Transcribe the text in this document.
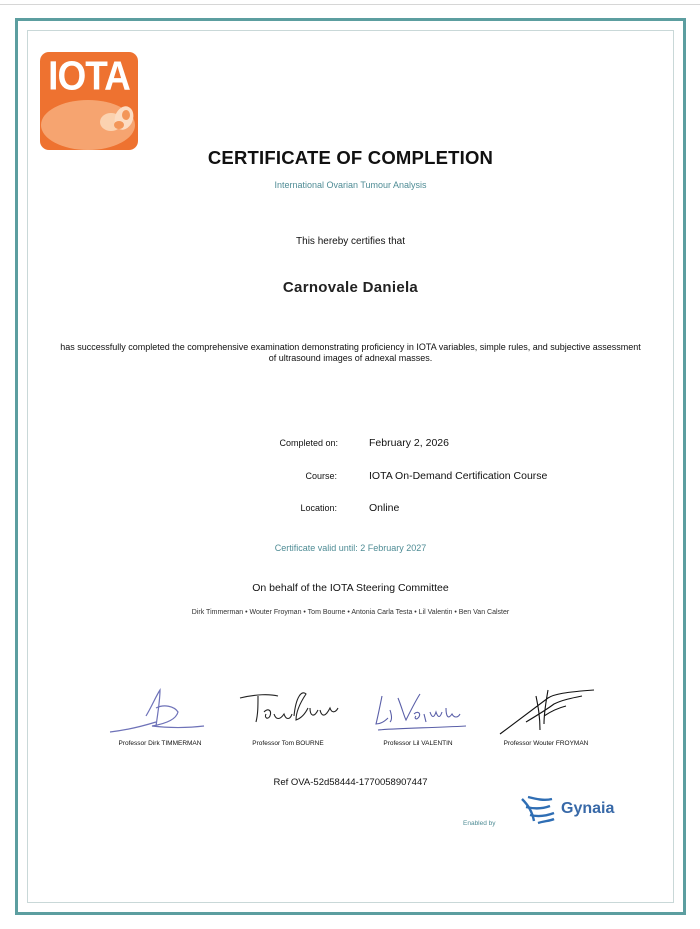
IOTA
CERTIFICATE OF COMPLETION
International Ovarian Tumour Analysis
This hereby certifies that
Carnovale Daniela
has successfully completed the comprehensive examination demonstrating proficiency in IOTA variables, simple rules, and subjective assessment of ultrasound images of adnexal masses.
Completed on:	February 2, 2026
Course:	IOTA On-Demand Certification Course
Location:	Online
Certificate valid until: 2 February 2027
On behalf of the IOTA Steering Committee
Dirk Timmerman • Wouter Froyman • Tom Bourne • Antonia Carla Testa • Lil Valentin • Ben Van Calster
Professor Dirk TIMMERMAN	Professor Tom BOURNE	Professor Lil VALENTIN	Professor Wouter FROYMAN
Ref OVA-52d58444-1770058907447
Enabled by
Gynaia
